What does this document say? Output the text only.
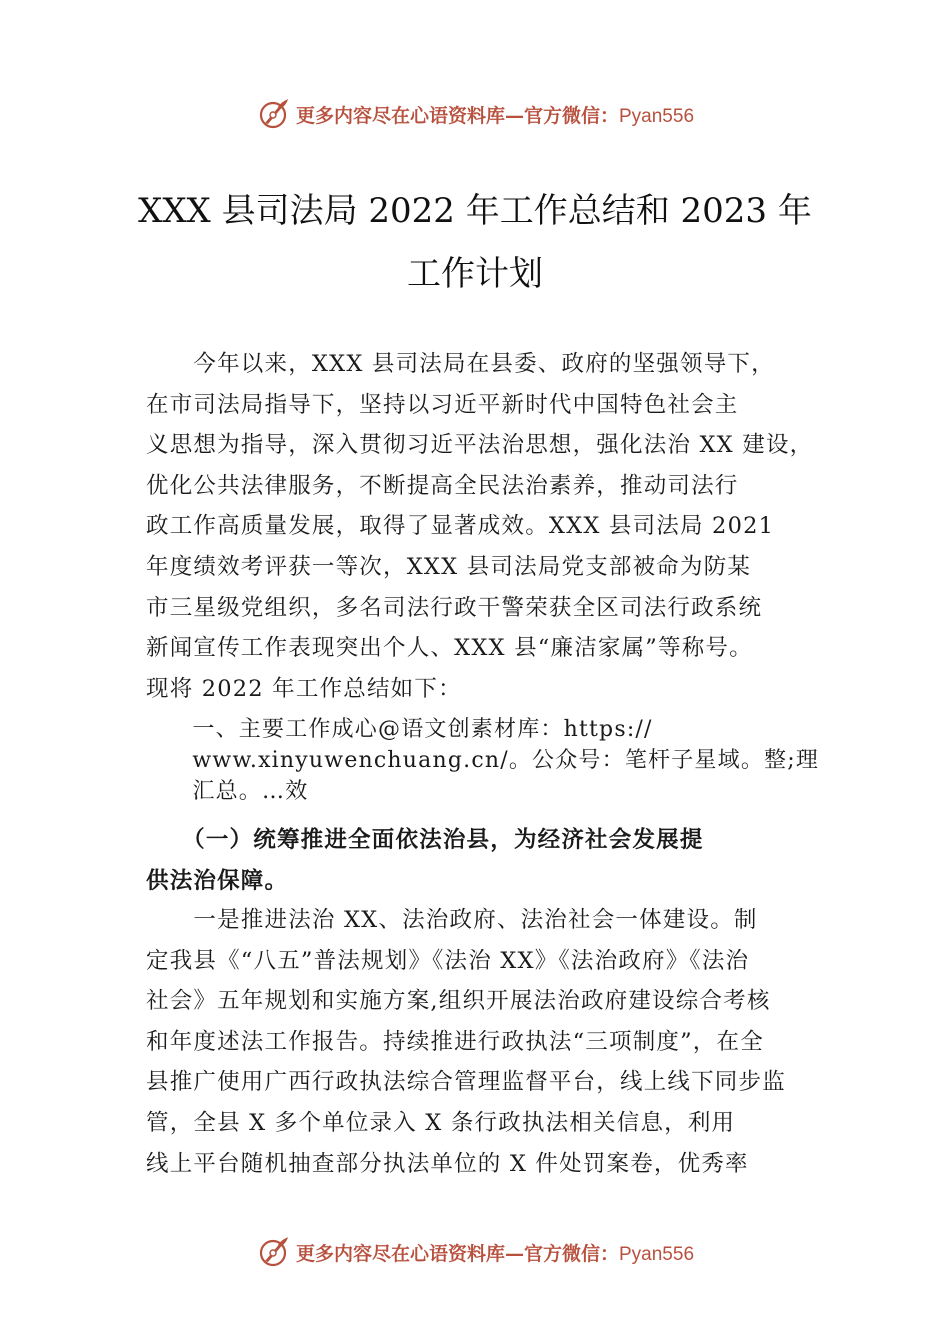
更多内容尽在心语资料库—官方微信：Pyan556
XXX 县司法局 2022 年工作总结和 2023 年
工作计划
　　今年以来，XXX 县司法局在县委、政府的坚强领导下，
在市司法局指导下，坚持以习近平新时代中国特色社会主
义思想为指导，深入贯彻习近平法治思想，强化法治 XX 建设，
优化公共法律服务，不断提高全民法治素养，推动司法行
政工作高质量发展，取得了显著成效。XXX 县司法局 2021
年度绩效考评获一等次，XXX 县司法局党支部被命为防某
市三星级党组织，多名司法行政干警荣获全区司法行政系统
新闻宣传工作表现突出个人、XXX 县“廉洁家属”等称号。
现将 2022 年工作总结如下：
　　一、主要工作成心@语文创素材库：https://
　　www.xinyuwenchuang.cn/。公众号：笔杆子星域。整;理
　　汇总。…效
　　（一）统筹推进全面依法治县，为经济社会发展提
供法治保障。
　　一是推进法治 XX、法治政府、法治社会一体建设。制
定我县《“八五”普法规划》《法治 XX》《法治政府》《法治
社会》五年规划和实施方案,组织开展法治政府建设综合考核
和年度述法工作报告。持续推进行政执法“三项制度”，在全
县推广使用广西行政执法综合管理监督平台，线上线下同步监
管，全县 X 多个单位录入 X 条行政执法相关信息，利用
线上平台随机抽查部分执法单位的 X 件处罚案卷，优秀率
更多内容尽在心语资料库—官方微信：Pyan556
